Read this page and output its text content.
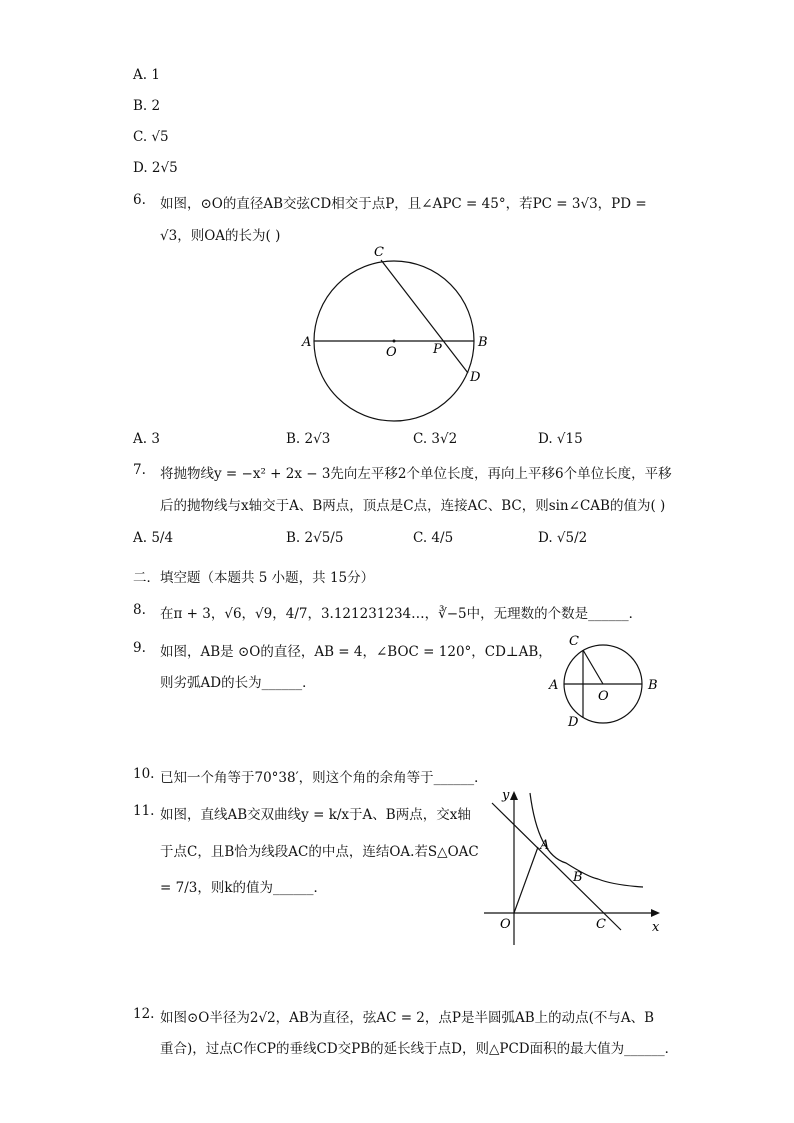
A. 1
B. 2
C. √5
D. 2√5
6. 如图，⊙O的直径AB交弦CD相交于点P，且∠APC = 45°，若PC = 3√3，PD =
√3，则OA的长为( )
C
A
O	P	B
D
A. 3	B. 2√3	C. 3√2	D. √15
7. 将抛物线y = −x² + 2x − 3先向左平移2个单位长度，再向上平移6个单位长度，平移
后的抛物线与x轴交于A、B两点，顶点是C点，连接AC、BC，则sin∠CAB的值为( )
A. 5/4	B. 2√5/5	C. 4/5	D. √5/2
二．填空题（本题共 5 小题，共 15分）
8. 在π + 3，√6，√9，4/7，3.121231234…，∛−5中，无理数的个数是______．
9. 如图，AB是 ⊙O的直径，AB = 4，∠BOC = 120°，CD⊥AB，
则劣弧AD的长为______．
C
A
O
B
D
10. 已知一个角等于70°38′，则这个角的余角等于______．
11. 如图，直线AB交双曲线y = k/x于A、B两点，交x轴
于点C，且B恰为线段AC的中点，连结OA.若S△OAC
= 7/3，则k的值为______．
y
A
B
O	C	x
12. 如图⊙O半径为2√2，AB为直径，弦AC = 2，点P是半圆弧AB上的动点(不与A、B
重合)，过点C作CP的垂线CD交PB的延长线于点D，则△PCD面积的最大值为______．
